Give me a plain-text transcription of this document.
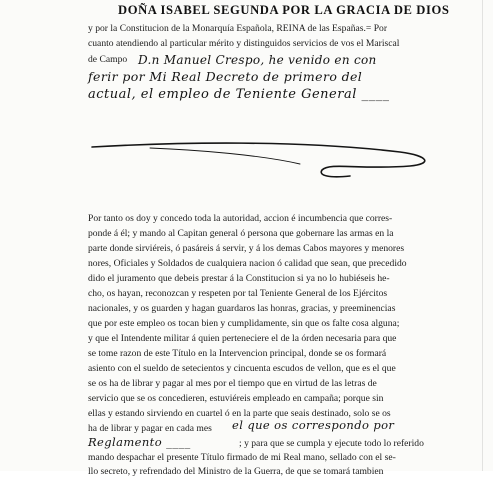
DOÑA ISABEL SEGUNDA POR LA GRACIA DE DIOS
y por la Constitucion de la Monarquía Española, REINA de las Españas.= Por
cuanto atendiendo al particular mérito y distinguidos servicios de vos el Mariscal
de Campo D.n Manuel Crespo, he venido en con
ferir por Mi Real Decreto de primero del
actual, el empleo de Teniente General ____
Por tanto os doy y concedo toda la autoridad, accion é incumbencia que corres-
ponde á él; y mando al Capitan general ó persona que gobernare las armas en la
parte donde sirviéreis, ó pasáreis á servir, y á los demas Cabos mayores y menores
nores, Oficiales y Soldados de cualquiera nacion ó calidad que sean, que precedido
dido el juramento que debeis prestar á la Constitucion si ya no lo hubiéseis he-
cho, os hayan, reconozcan y respeten por tal Teniente General de los Ejércitos
nacionales, y os guarden y hagan guardaros las honras, gracias, y preeminencias
que por este empleo os tocan bien y cumplidamente, sin que os falte cosa alguna;
y que el Intendente militar á quien perteneciere el de la órden necesaria para que
se tome razon de este Título en la Intervencion principal, donde se os formará
asiento con el sueldo de setecientos y cincuenta escudos de vellon, que es el que
se os ha de librar y pagar al mes por el tiempo que en virtud de las letras de
servicio que se os concedieren, estuviéreis empleado en campaña; porque sin
ellas y estando sirviendo en cuartel ó en la parte que seais destinado, solo se os
ha de librar y pagar en cada mes el que os correspondo por
Reglamento ____	; y para que se cumpla y ejecute todo lo referido
mando despachar el presente Título firmado de mi Real mano, sellado con el se-
llo secreto, y refrendado del Ministro de la Guerra, de que se tomará tambien
